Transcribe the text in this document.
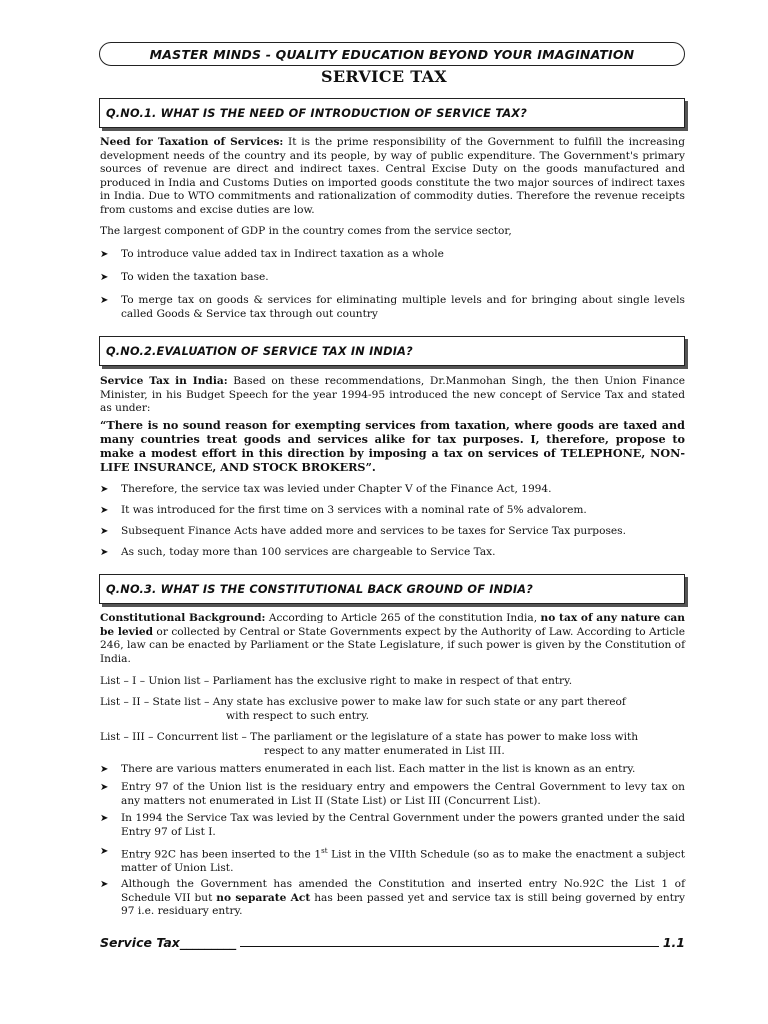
MASTER MINDS - QUALITY EDUCATION BEYOND YOUR IMAGINATION
SERVICE TAX
Q.NO.1. WHAT IS THE NEED OF INTRODUCTION OF SERVICE TAX?
Need for Taxation of Services: It is the prime responsibility of the Government to fulfill the increasing development needs of the country and its people, by way of public expenditure. The Government's primary sources of revenue are direct and indirect taxes. Central Excise Duty on the goods manufactured and produced in India and Customs Duties on imported goods constitute the two major sources of indirect taxes in India. Due to WTO commitments and rationalization of commodity duties. Therefore the revenue receipts from customs and excise duties are low.
The largest component of GDP in the country comes from the service sector,
➤ To introduce value added tax in Indirect taxation as a whole
➤ To widen the taxation base.
➤ To merge tax on goods & services for eliminating multiple levels and for bringing about single levels called Goods & Service tax through out country
Q.NO.2.EVALUATION OF SERVICE TAX IN INDIA?
Service Tax in India: Based on these recommendations, Dr.Manmohan Singh, the then Union Finance Minister, in his Budget Speech for the year 1994-95 introduced the new concept of Service Tax and stated as under:
“There is no sound reason for exempting services from taxation, where goods are taxed and many countries treat goods and services alike for tax purposes. I, therefore, propose to make a modest effort in this direction by imposing a tax on services of TELEPHONE, NON-LIFE INSURANCE, AND STOCK BROKERS”.
➤ Therefore, the service tax was levied under Chapter V of the Finance Act, 1994.
➤ It was introduced for the first time on 3 services with a nominal rate of 5% advalorem.
➤ Subsequent Finance Acts have added more and services to be taxes for Service Tax purposes.
➤ As such, today more than 100 services are chargeable to Service Tax.
Q.NO.3. WHAT IS THE CONSTITUTIONAL BACK GROUND OF INDIA?
Constitutional Background: According to Article 265 of the constitution India, no tax of any nature can be levied or collected by Central or State Governments expect by the Authority of Law. According to Article 246, law can be enacted by Parliament or the State Legislature, if such power is given by the Constitution of India.
List – I – Union list – Parliament has the exclusive right to make in respect of that entry.
List – II – State list – Any state has exclusive power to make law for such state or any part thereof
with respect to such entry.
List – III – Concurrent list – The parliament or the legislature of a state has power to make loss with
respect to any matter enumerated in List III.
➤ There are various matters enumerated in each list. Each matter in the list is known as an entry.
➤ Entry 97 of the Union list is the residuary entry and empowers the Central Government to levy tax on any matters not enumerated in List II (State List) or List III (Concurrent List).
➤ In 1994 the Service Tax was levied by the Central Government under the powers granted under the said Entry 97 of List I.
➤ Entry 92C has been inserted to the 1st List in the VIIth Schedule (so as to make the enactment a subject matter of Union List.
➤ Although the Government has amended the Constitution and inserted entry No.92C the List 1 of Schedule VII but no separate Act has been passed yet and service tax is still being governed by entry 97 i.e. residuary entry.
Service Tax_________	1.1
